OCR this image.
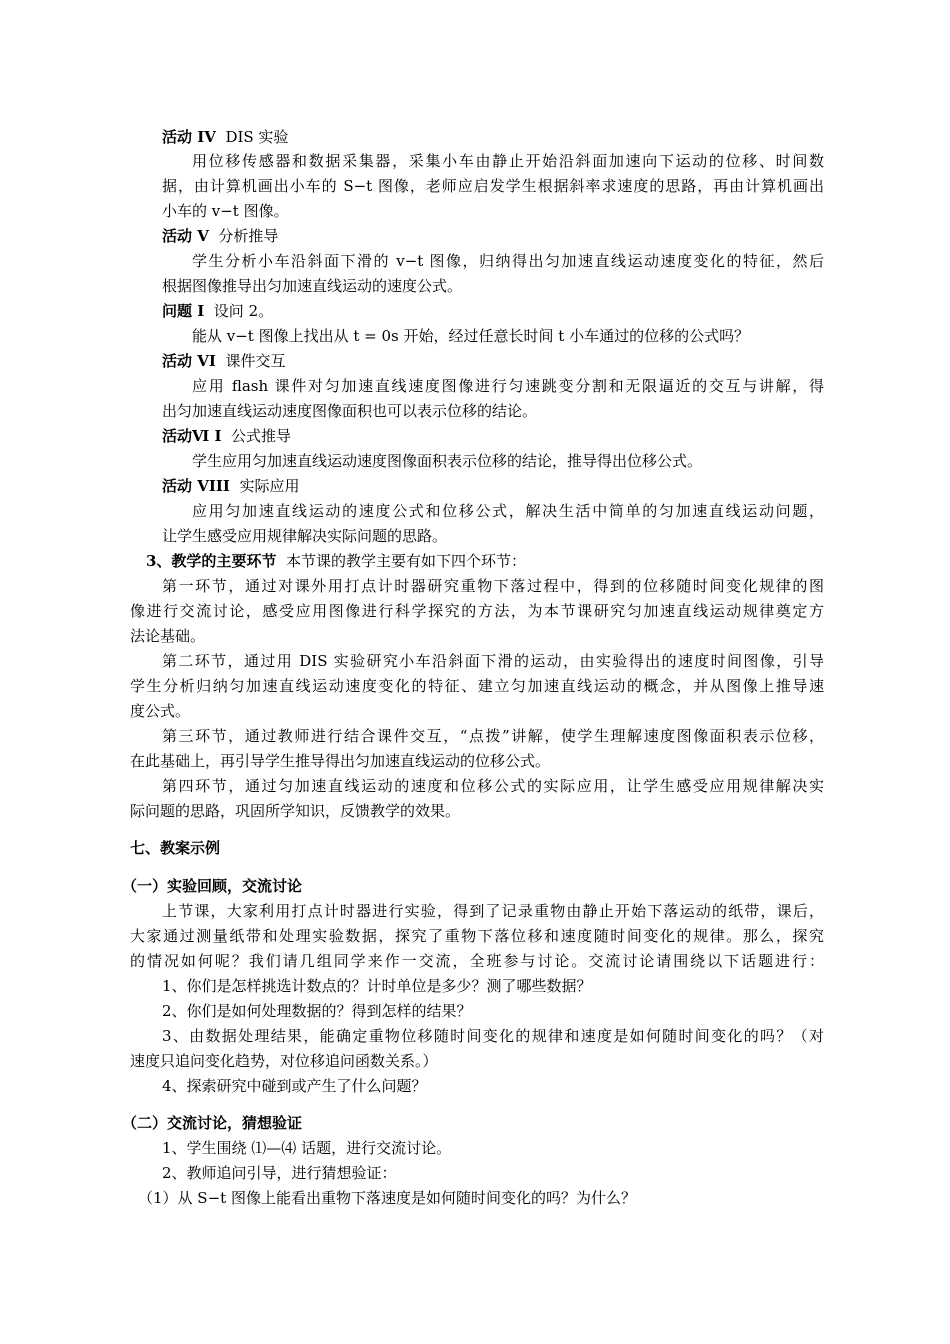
活动 IV DIS 实验
用位移传感器和数据采集器，采集小车由静止开始沿斜面加速向下运动的位移、时间数
据，由计算机画出小车的 S−t 图像，老师应启发学生根据斜率求速度的思路，再由计算机画出
小车的 v−t 图像。
活动 V 分析推导
学生分析小车沿斜面下滑的 v−t 图像，归纳得出匀加速直线运动速度变化的特征，然后
根据图像推导出匀加速直线运动的速度公式。
问题 I 设问 2。
能从 v−t 图像上找出从 t = 0s 开始，经过任意长时间 t 小车通过的位移的公式吗？
活动 VI 课件交互
应用 flash 课件对匀加速直线速度图像进行匀速跳变分割和无限逼近的交互与讲解，得
出匀加速直线运动速度图像面积也可以表示位移的结论。
活动Ⅵ I 公式推导
学生应用匀加速直线运动速度图像面积表示位移的结论，推导得出位移公式。
活动 VIII 实际应用
应用匀加速直线运动的速度公式和位移公式，解决生活中简单的匀加速直线运动问题，
让学生感受应用规律解决实际问题的思路。
3、教学的主要环节 本节课的教学主要有如下四个环节：
第一环节，通过对课外用打点计时器研究重物下落过程中，得到的位移随时间变化规律的图
像进行交流讨论，感受应用图像进行科学探究的方法，为本节课研究匀加速直线运动规律奠定方
法论基础。
第二环节，通过用 DIS 实验研究小车沿斜面下滑的运动，由实验得出的速度时间图像，引导
学生分析归纳匀加速直线运动速度变化的特征、建立匀加速直线运动的概念，并从图像上推导速
度公式。
第三环节，通过教师进行结合课件交互，“点拨”讲解，使学生理解速度图像面积表示位移，
在此基础上，再引导学生推导得出匀加速直线运动的位移公式。
第四环节，通过匀加速直线运动的速度和位移公式的实际应用，让学生感受应用规律解决实
际问题的思路，巩固所学知识，反馈教学的效果。
七、教案示例
（一）实验回顾，交流讨论
上节课，大家利用打点计时器进行实验，得到了记录重物由静止开始下落运动的纸带，课后，
大家通过测量纸带和处理实验数据，探究了重物下落位移和速度随时间变化的规律。那么，探究
的情况如何呢？我们请几组同学来作一交流，全班参与讨论。交流讨论请围绕以下话题进行：
1、你们是怎样挑选计数点的？计时单位是多少？测了哪些数据？
2、你们是如何处理数据的？得到怎样的结果？
3、由数据处理结果，能确定重物位移随时间变化的规律和速度是如何随时间变化的吗？（对
速度只追问变化趋势，对位移追问函数关系。）
4、探索研究中碰到或产生了什么问题？
（二）交流讨论，猜想验证
1、学生围绕 ⑴—⑷ 话题，进行交流讨论。
2、教师追问引导，进行猜想验证：
（1）从 S−t 图像上能看出重物下落速度是如何随时间变化的吗？为什么？
